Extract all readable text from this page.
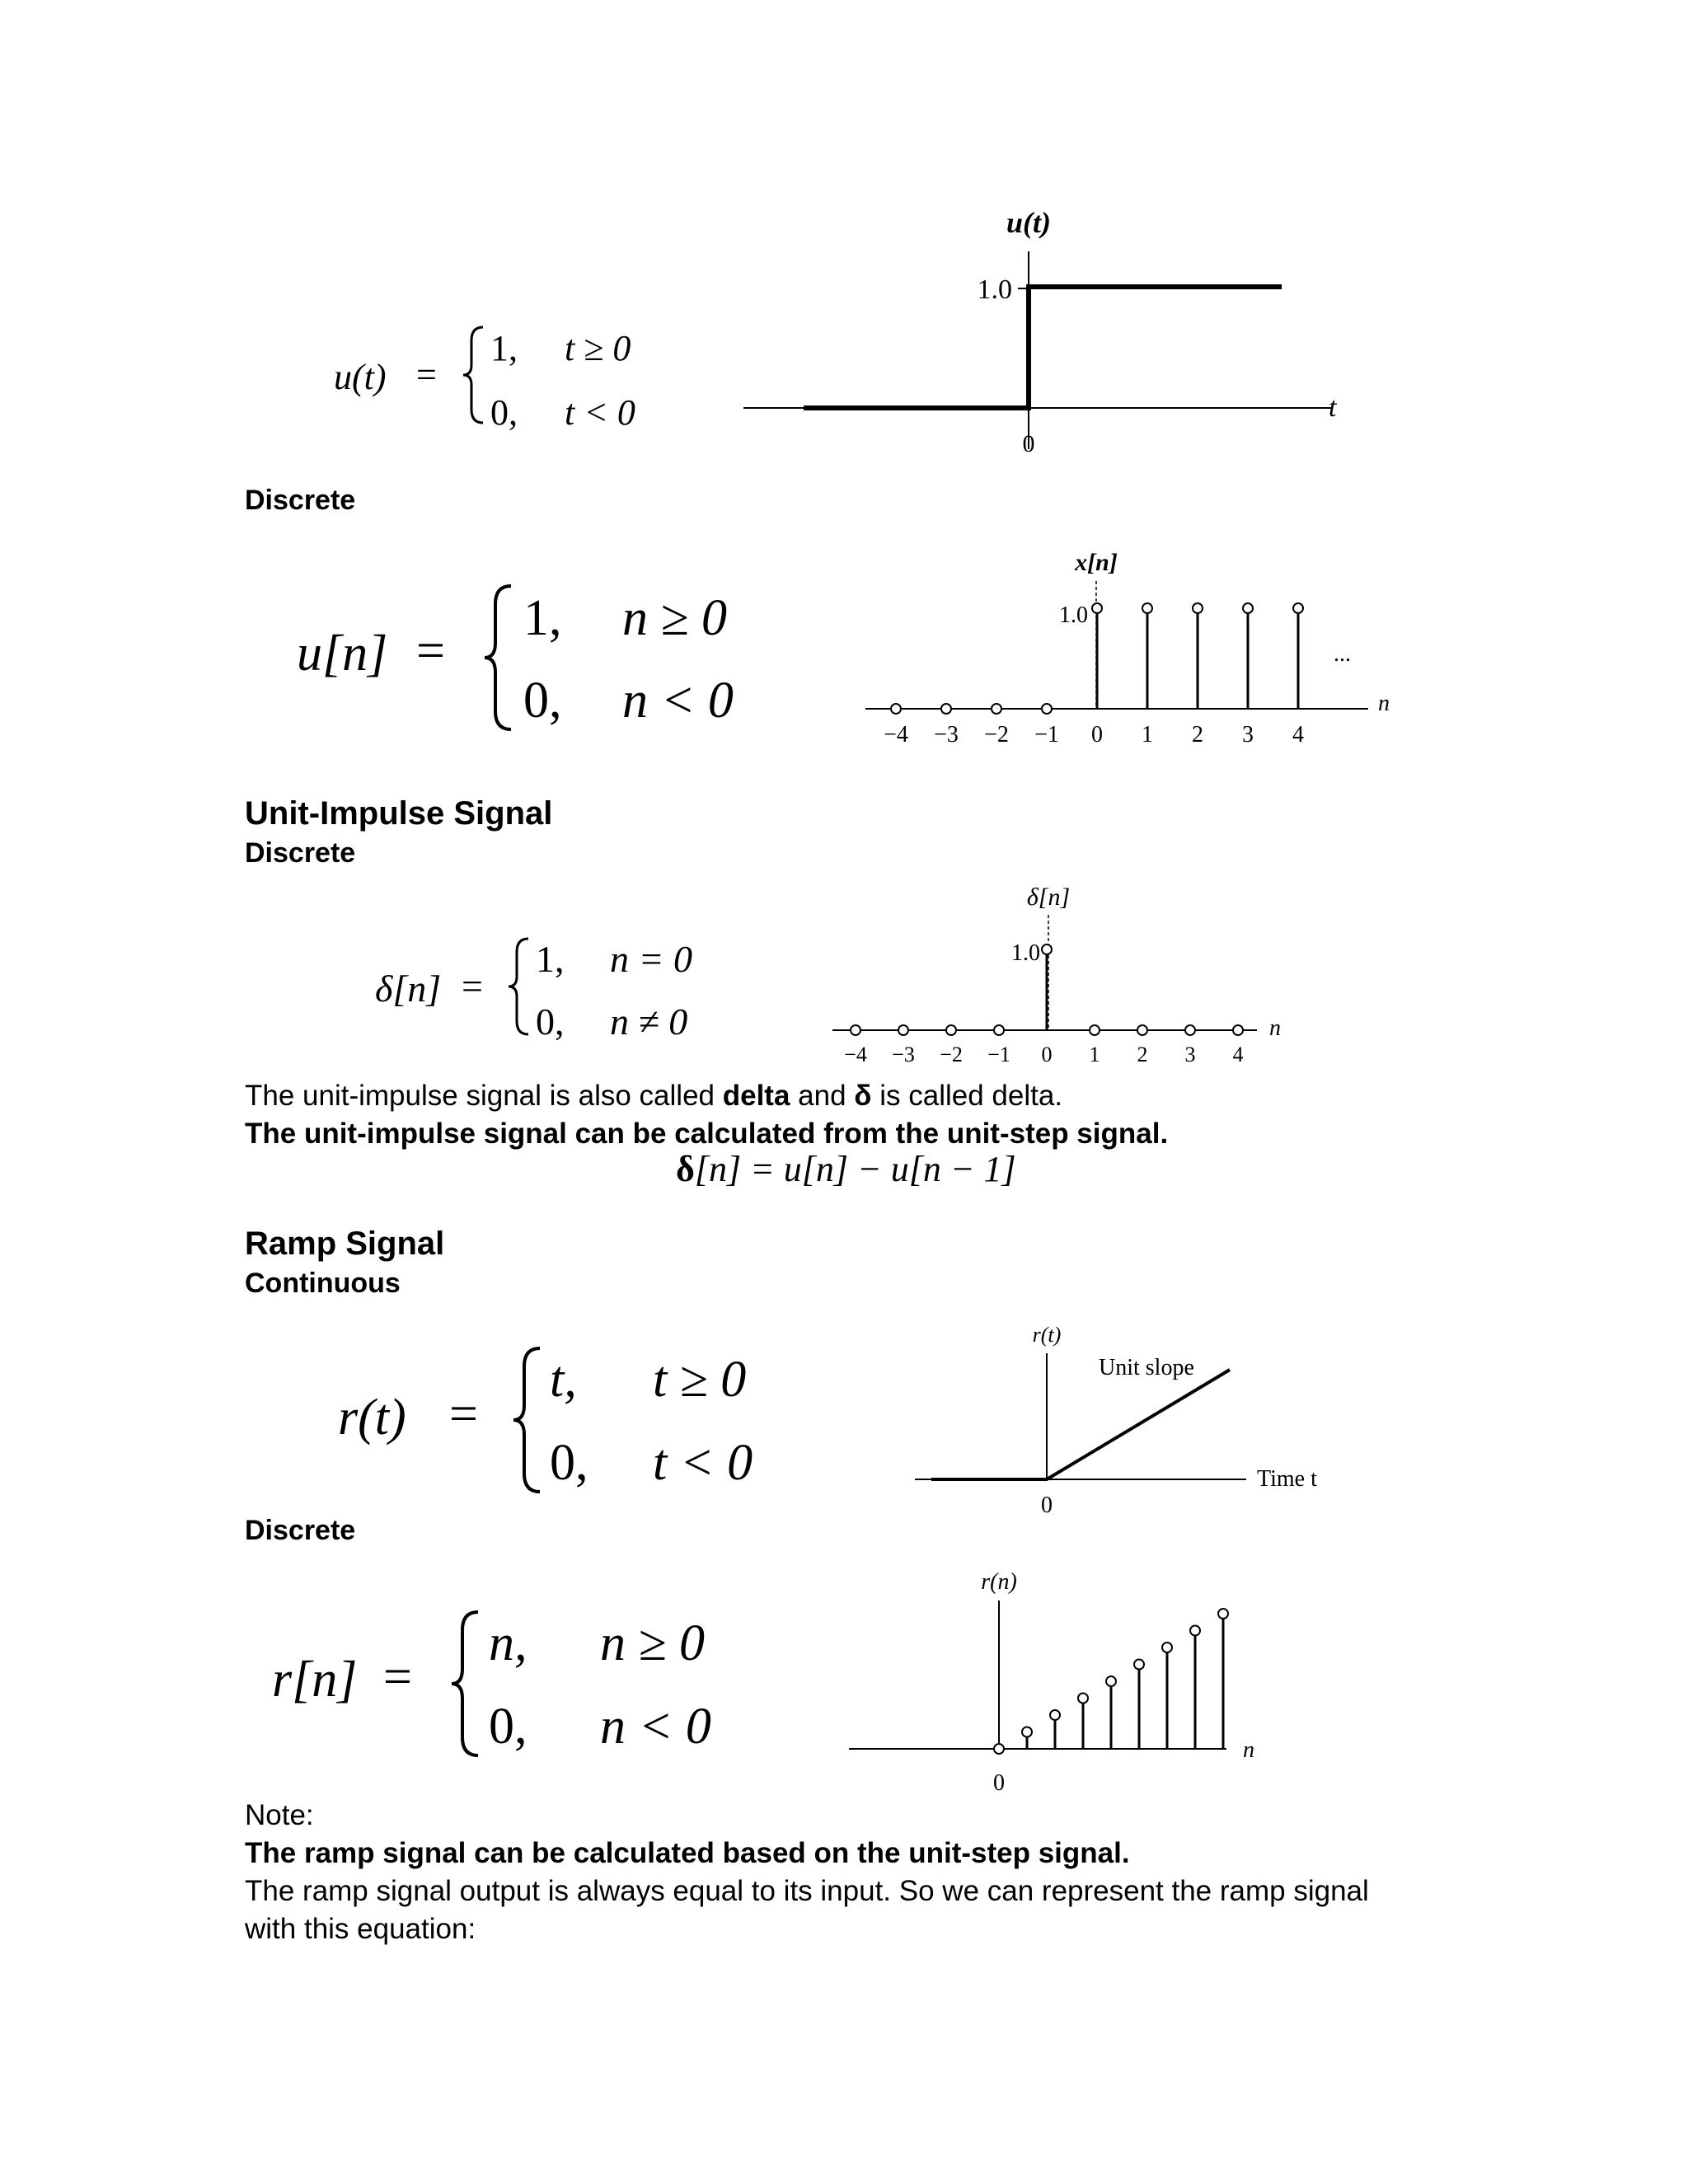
u(t) =
1, t ≥ 0
0, t < 0
u(t)
1.0
t
0
Discrete
u[n] =
1, n ≥ 0
0, n < 0
x[n]
1.0
n
...
−4 −3 −2 −1 0 1 2 3 4
Unit-Impulse Signal
Discrete
δ[n] =
1, n = 0
0, n ≠ 0
δ[n]
1.0
n
−4 −3 −2 −1 0 1 2 3 4
The unit-impulse signal is also called delta and δ is called delta.
The unit-impulse signal can be calculated from the unit-step signal.
δ[n] = u[n] − u[n − 1]
Ramp Signal
Continuous
r(t) =
t, t ≥ 0
0, t < 0
r(t)
Time t
0
Unit slope
Discrete
r[n] =
n, n ≥ 0
0, n < 0
r(n)
n
0
Note:
The ramp signal can be calculated based on the unit-step signal.
The ramp signal output is always equal to its input. So we can represent the ramp signal with this equation:
